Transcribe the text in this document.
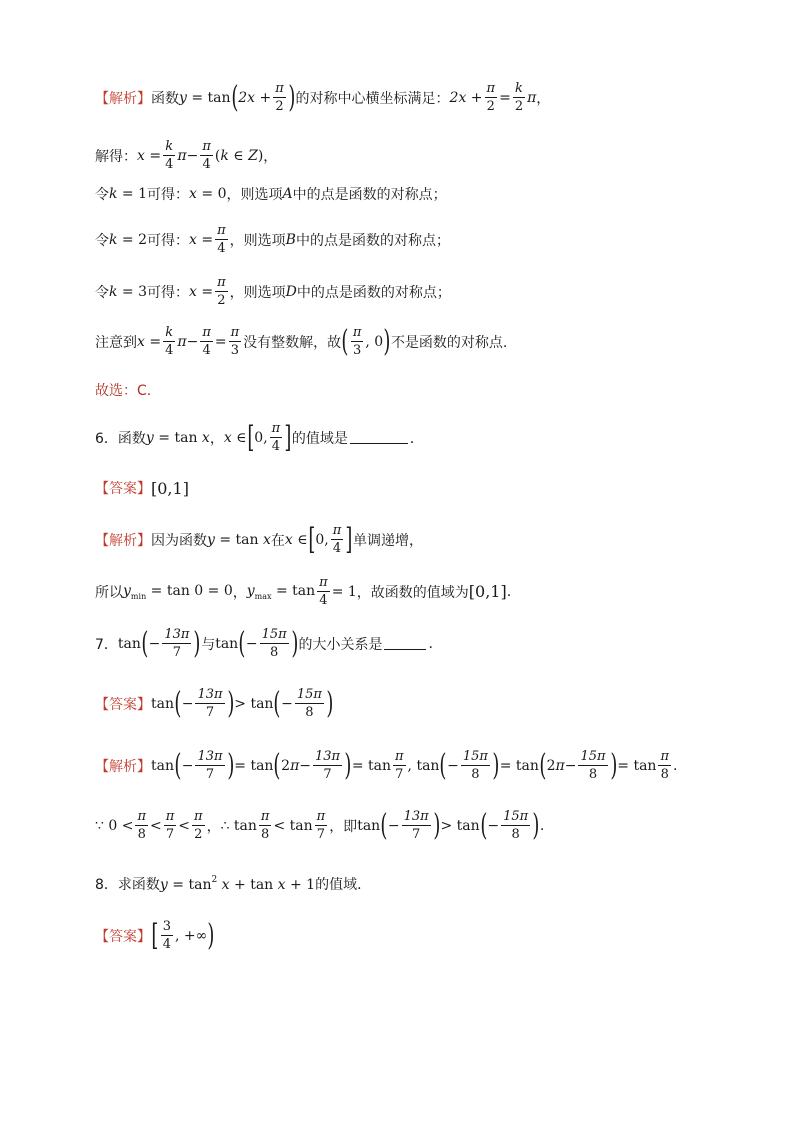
【解析】 函数 y = tan ( $2x + \frac{\pi}{2}$ ) 的对称中心横坐标满足： $2x + \frac{\pi}{2} = \frac{k}{2}$ π ，
解得： $x = \frac{k}{4}$ $\pi - \frac{\pi}{4} (k$ ∈ Z) ，
令 k = 1 可得： x = 0 ，则选项 A 中的点是函数的对称点；
令 k = 2 可得： $x = \frac{\pi}{4}$ ，则选项 B 中的点是函数的对称点；
令 k = 3 可得： $x = \frac{\pi}{2}$ ，则选项 D 中的点是函数的对称点；
注意到 $x = \frac{k}{4}$ $\pi - \frac{\pi}{4} = \frac{\pi}{3}$ 没有整数解，故 ( $\frac{\pi}{3}$ , 0 ) 不是函数的对称点.
故选：C.
6．函数 y = tan x ， x ∈ [ 0, $\frac{\pi}{4}$ ] 的值域是	．
【答案】 [0,1]
【解析】 因为函数 y = tan x 在 x ∈ [ 0, $\frac{\pi}{4}$ ] 单调递增，
所以 $y_{min} = \tan 0 = 0$ ， $y_{max} = \tan \frac{\pi}{4} = 1$ ，故函数的值域为 [0,1] .
7． tan ( − $\frac{13\pi}{7}$ ) 与 tan ( − $\frac{15\pi}{8}$ ) 的大小关系是	.
【答案】 tan ( − $\frac{13\pi}{7}$ ) > tan ( − $\frac{15\pi}{8}$ )
【解析】 tan ( − $\frac{13\pi}{7}$ ) = tan ( $2\pi- \frac{13\pi}{7}$ ) = $\tan \frac{\pi}{7}$ , tan ( − $\frac{15\pi}{8}$ ) = tan ( $2\pi- \frac{15\pi}{8}$ ) = $\tan \frac{\pi}{8}$ .
∵ $0 < \frac{\pi}{8} < \frac{\pi}{7} < \frac{\pi}{2}$ ， ∴ $\tan \frac{\pi}{8} < \tan \frac{\pi}{7}$ ，即 tan ( − $\frac{13\pi}{7}$ ) > tan ( − $\frac{15\pi}{8}$ ) .
8．求函数 $y = \tan^2 x + \tan x + 1$ 的值域．
【答案】 [ $\frac{3}{4}$ , +∞ )
